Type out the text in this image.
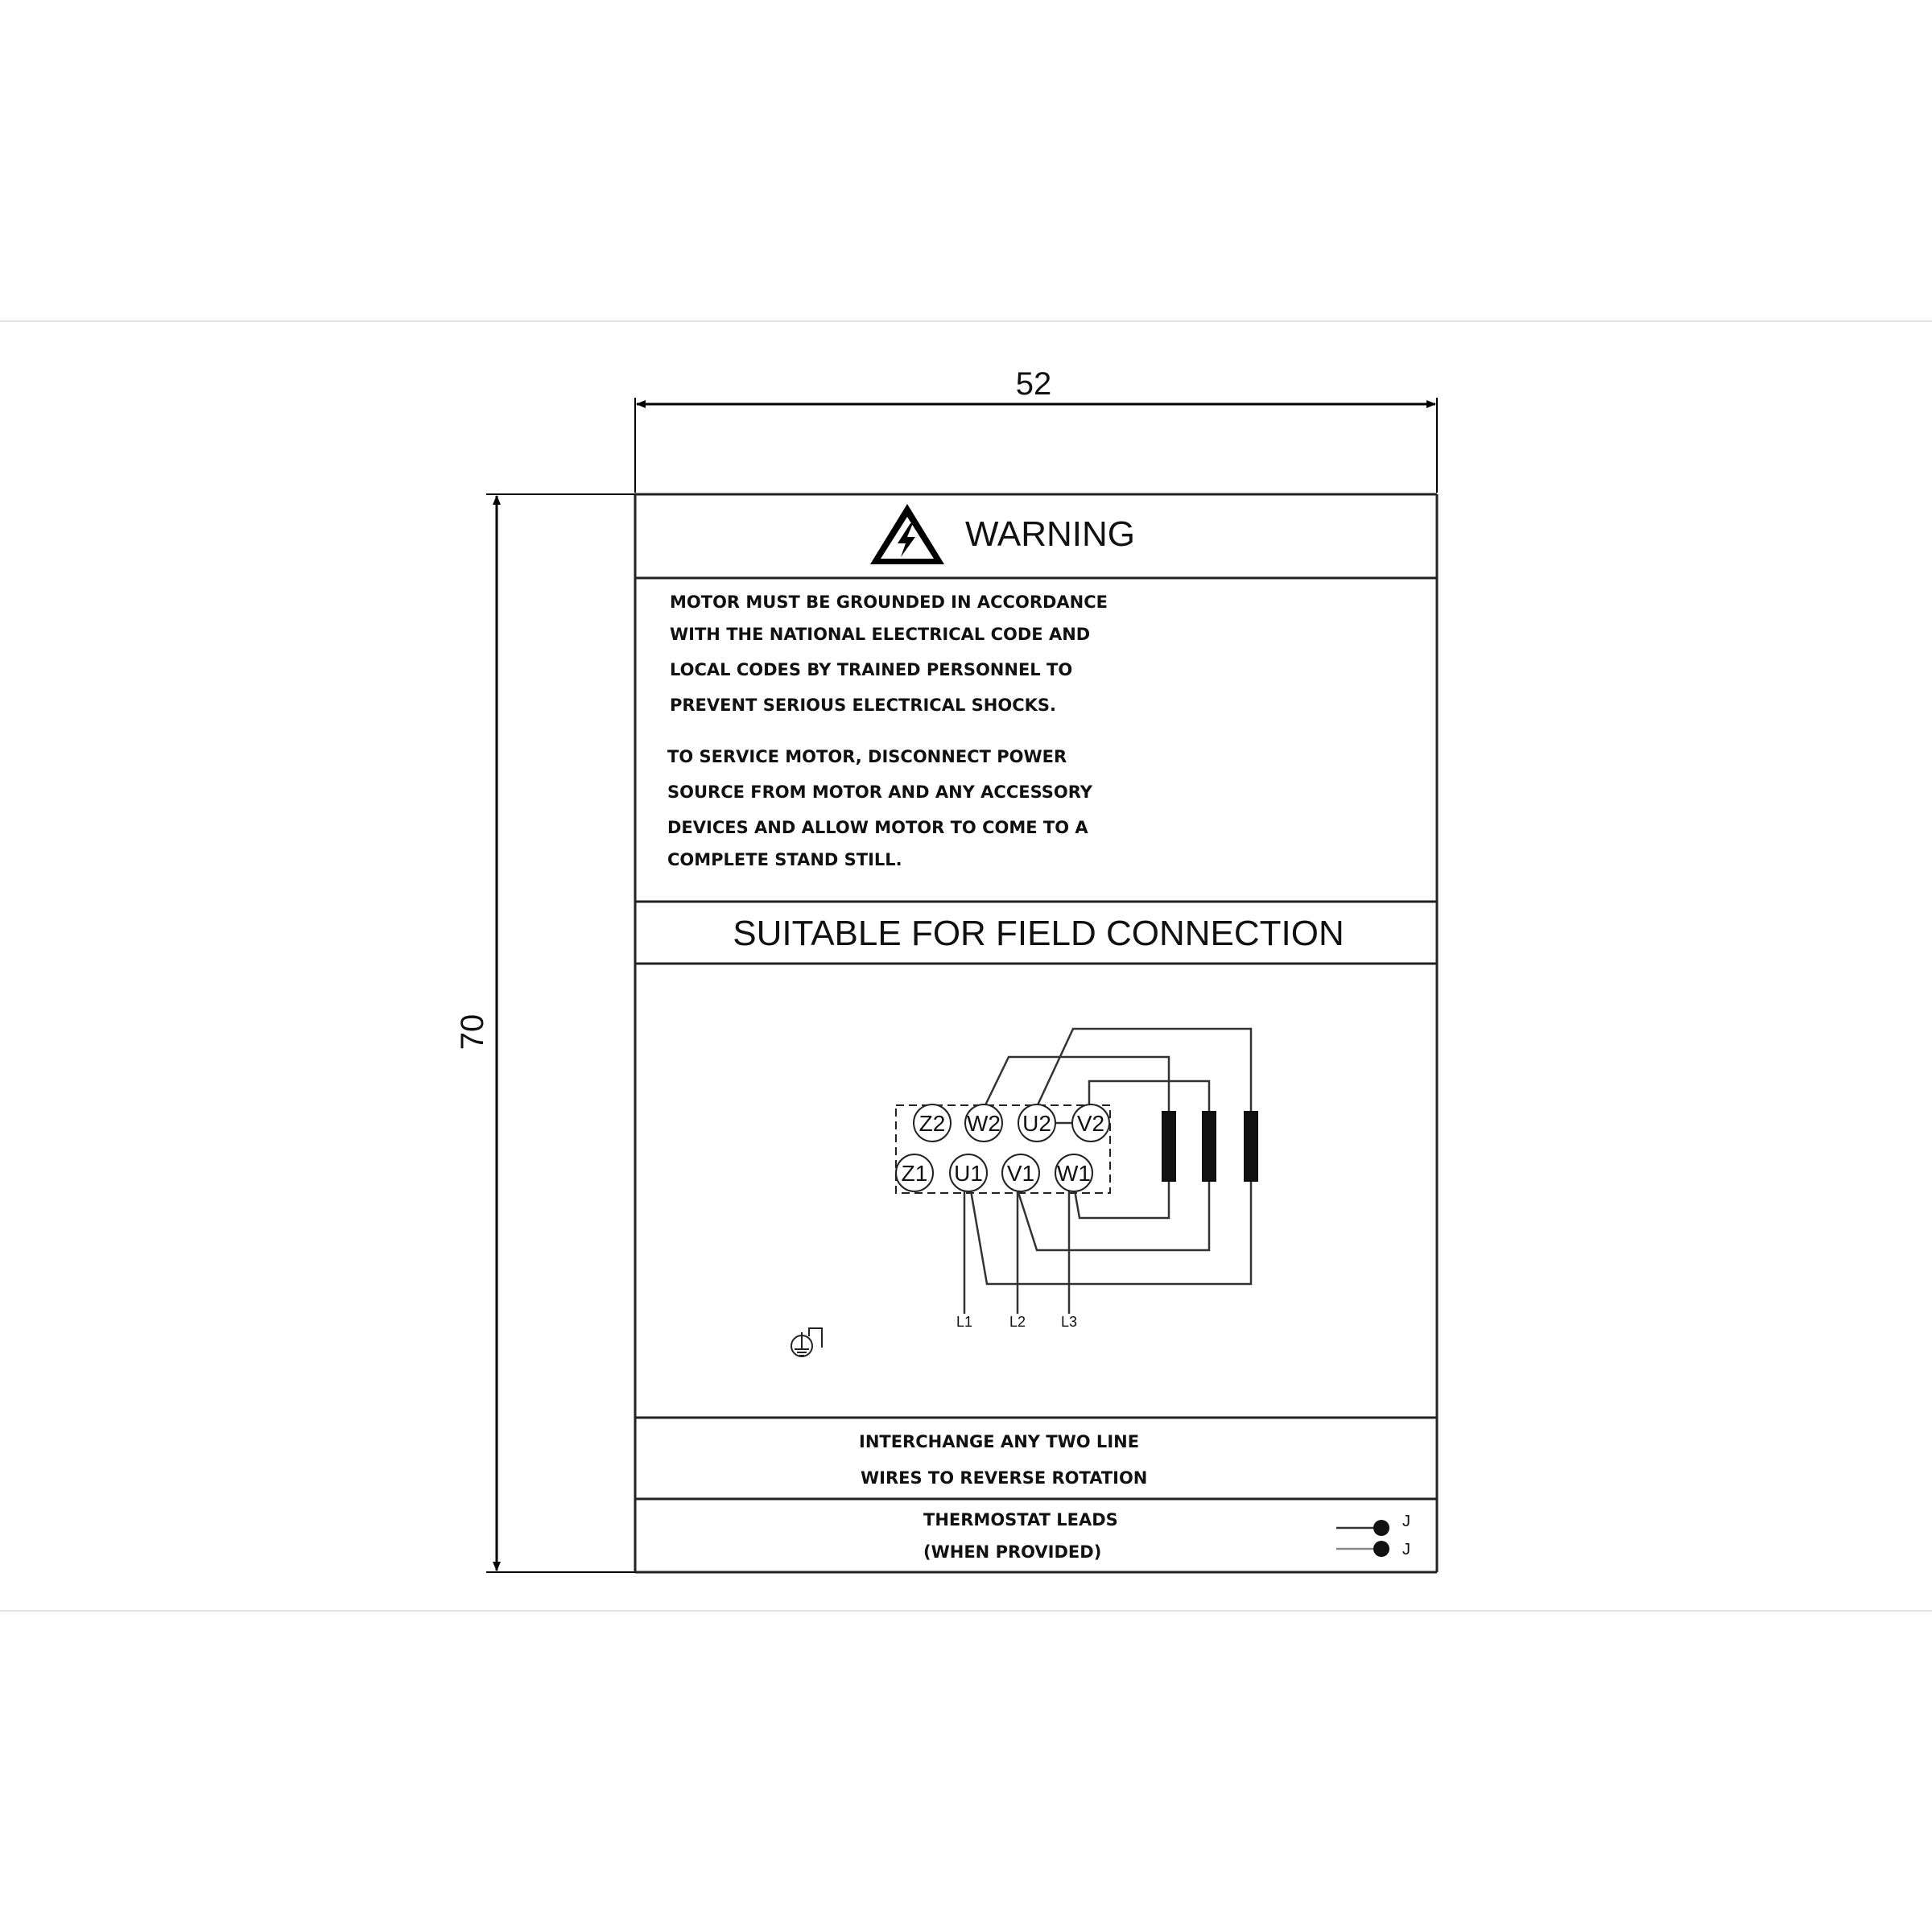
52
70
WARNING
MOTOR MUST BE GROUNDED IN ACCORDANCE
WITH THE NATIONAL ELECTRICAL CODE AND
LOCAL CODES BY TRAINED PERSONNEL TO
PREVENT SERIOUS ELECTRICAL SHOCKS.
TO SERVICE MOTOR, DISCONNECT POWER
SOURCE FROM MOTOR AND ANY ACCESSORY
DEVICES AND ALLOW MOTOR TO COME TO A
COMPLETE STAND STILL.
SUITABLE FOR FIELD CONNECTION
Z2 W2 U2 V2
Z1 U1 V1 W1
L1	L2 L3
INTERCHANGE ANY TWO LINE
WIRES TO REVERSE ROTATION
THERMOSTAT LEADS
(WHEN PROVIDED)
J
J
